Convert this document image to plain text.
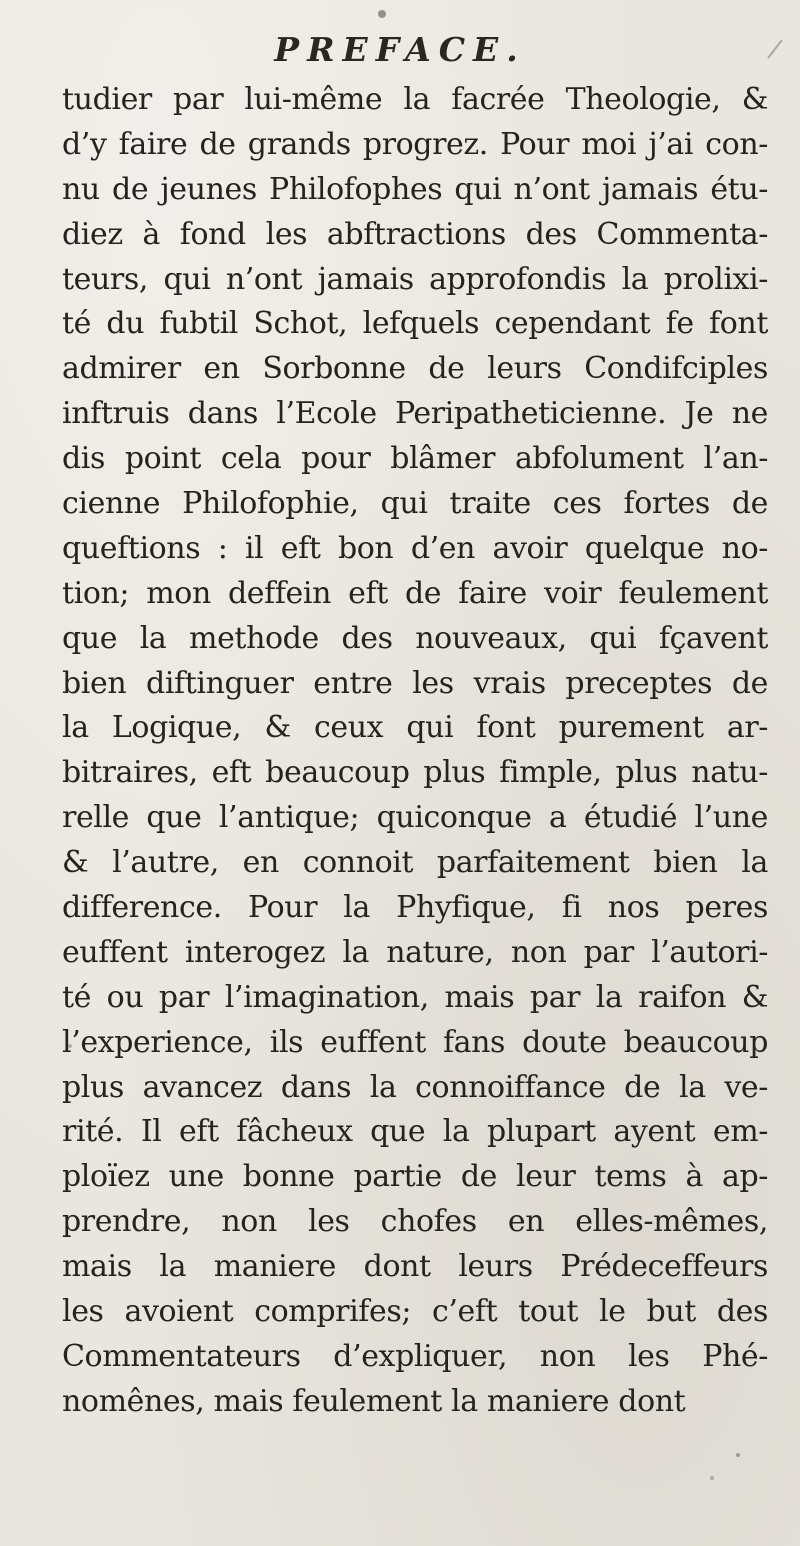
PREFACE.
tudier par lui-même la facrée Theologie, &
d’y faire de grands progrez. Pour moi j’ai con-
nu de jeunes Philofophes qui n’ont jamais étu-
diez à fond les abftractions des Commenta-
teurs, qui n’ont jamais approfondis la prolixi-
té du fubtil Schot, lefquels cependant fe font
admirer en Sorbonne de leurs Condifciples
inftruis dans l’Ecole Peripatheticienne. Je ne
dis point cela pour blâmer abfolument l’an-
cienne Philofophie, qui traite ces fortes de
queftions : il eft bon d’en avoir quelque no-
tion; mon deffein eft de faire voir feulement
que la methode des nouveaux, qui fçavent
bien diftinguer entre les vrais preceptes de
la Logique, & ceux qui font purement ar-
bitraires, eft beaucoup plus fimple, plus natu-
relle que l’antique; quiconque a étudié l’une
& l’autre, en connoit parfaitement bien la
difference. Pour la Phyfique, fi nos peres
euffent interogez la nature, non par l’autori-
té ou par l’imagination, mais par la raifon &
l’experience, ils euffent fans doute beaucoup
plus avancez dans la connoiffance de la ve-
rité. Il eft fâcheux que la plupart ayent em-
ploïez une bonne partie de leur tems à ap-
prendre, non les chofes en elles-mêmes,
mais la maniere dont leurs Prédeceffeurs
les avoient comprifes; c’eft tout le but des
Commentateurs d’expliquer, non les Phé-
nomênes, mais feulement la maniere dont
